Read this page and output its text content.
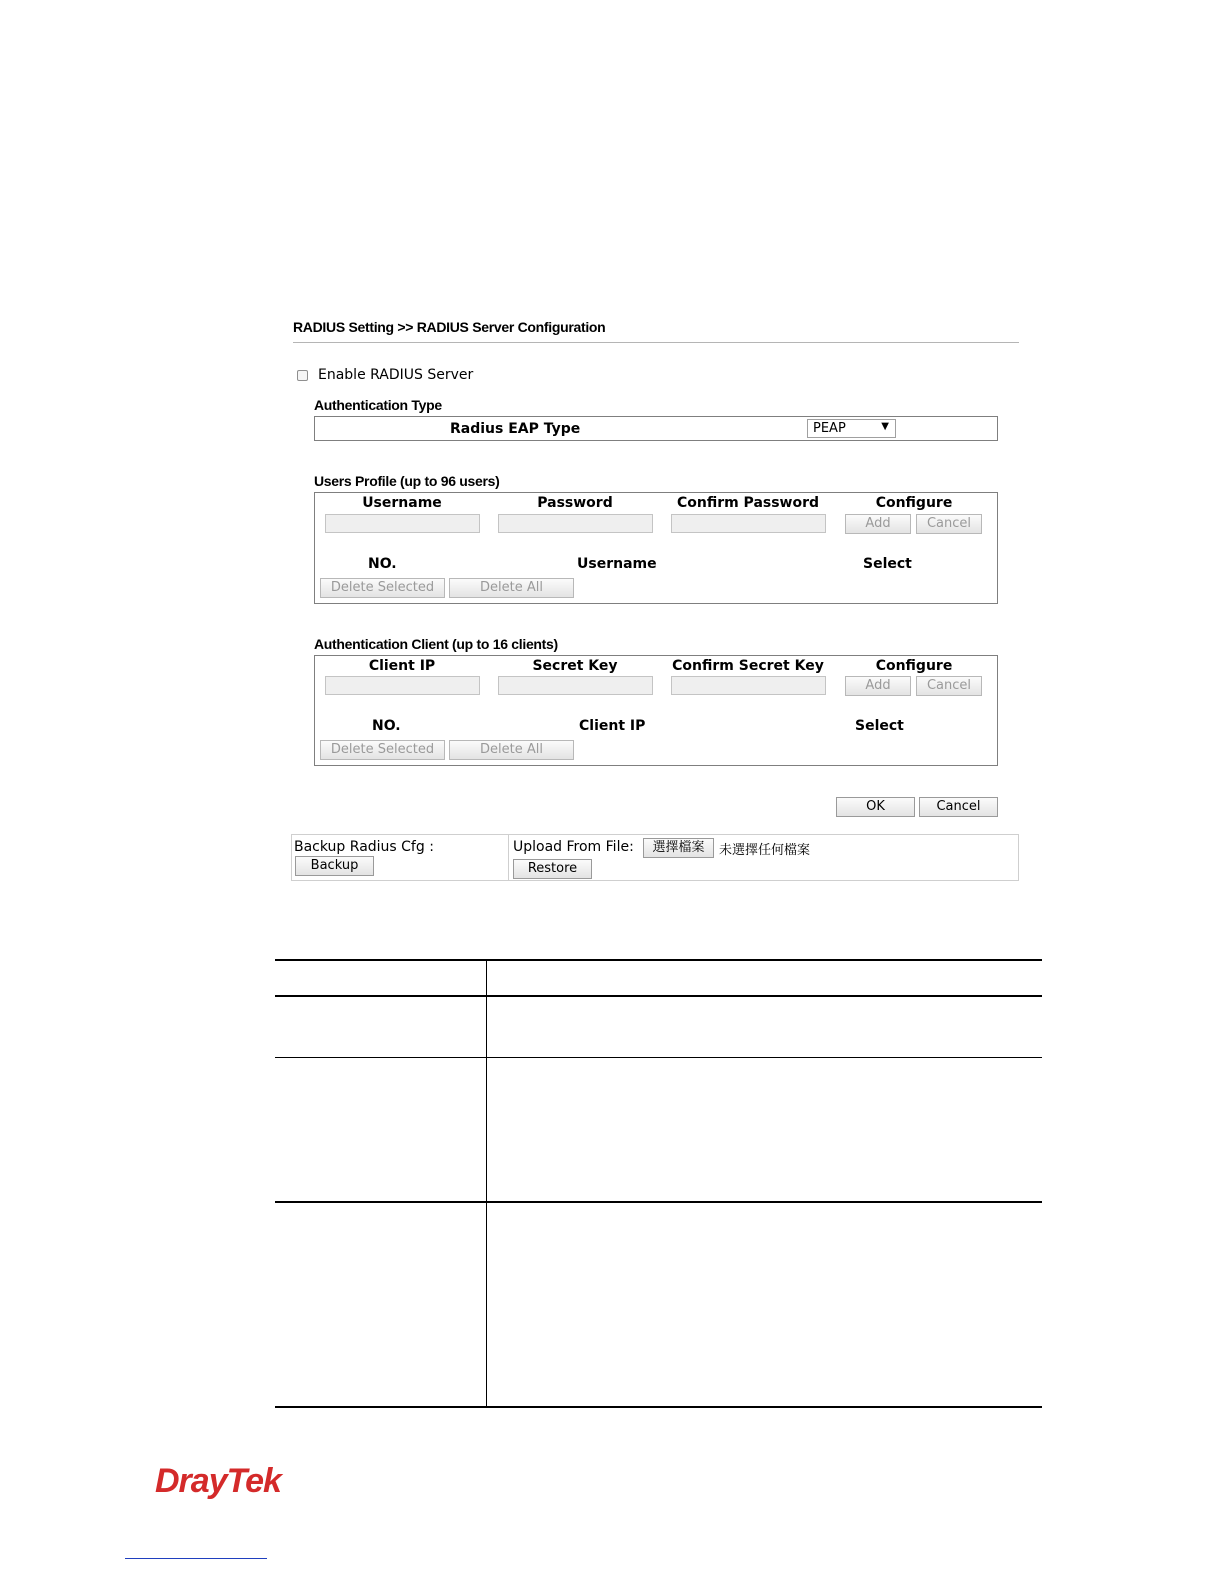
RADIUS Setting >> RADIUS Server Configuration
Enable RADIUS Server
Authentication Type
Radius EAP Type	PEAP	▼
Users Profile (up to 96 users)
Username	Password	Confirm Password	Configure
Add	Cancel
NO.	Username	Select
Delete Selected	Delete All
Authentication Client (up to 16 clients)
Client IP	Secret Key	Confirm Secret Key	Configure
Add	Cancel
NO.	Client IP	Select
Delete Selected	Delete All
OK	Cancel
Backup Radius Cfg :
Backup
Upload From File:	選擇檔案	未選擇任何檔案
Restore
DrayTek
